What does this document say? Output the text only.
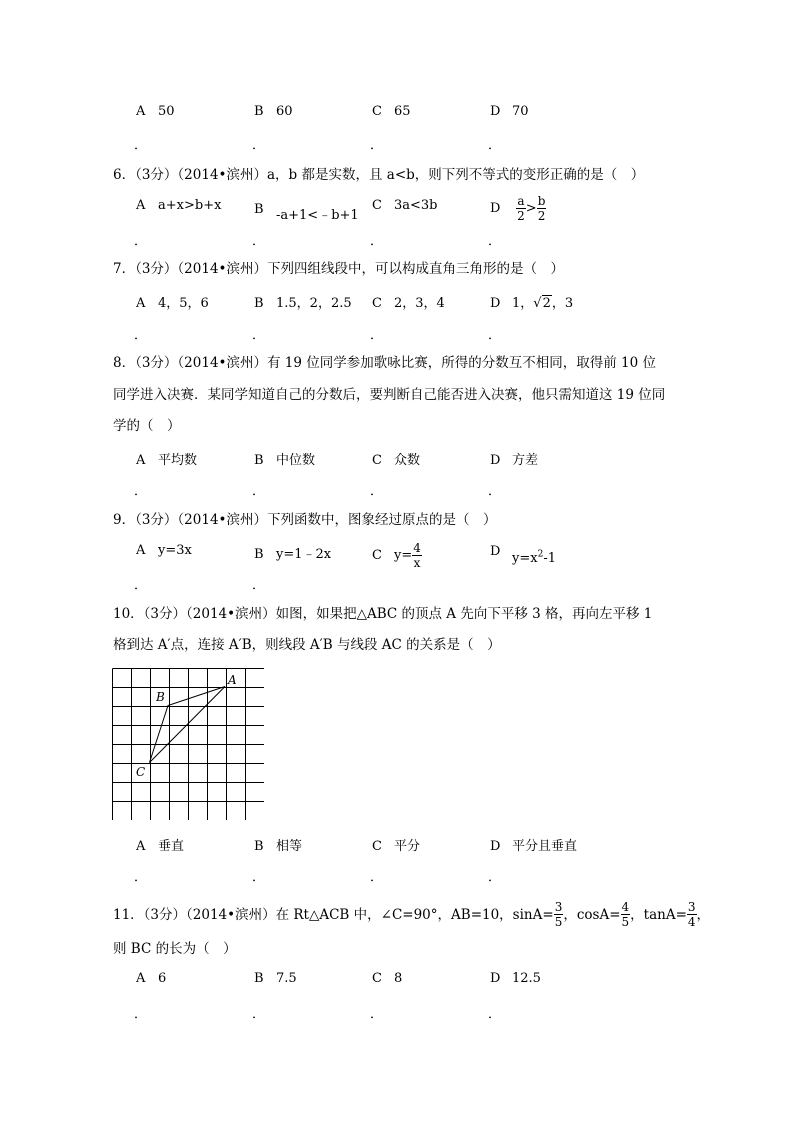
A 50	B 60	C 65	D 70
．	．	．	．
6．（3分）（2014•滨州）a，b 都是实数，且 a<b，则下列不等式的变形正确的是（　）
A a+x>b+x	B -a+1<﹣b+1
C 3a<3b	D $\frac{a}{2} > \frac{b}{2}$
．	．	．	．
7．（3分）（2014•滨州）下列四组线段中，可以构成直角三角形的是（　）
A 4，5，6	B 1.5，2，2.5 C 2，3，4	D 1，√2，3
．	．	．	．
8．（3分）（2014•滨州）有 19 位同学参加歌咏比赛，所得的分数互不相同，取得前 10 位
同学进入决赛．某同学知道自己的分数后，要判断自己能否进入决赛，他只需知道这 19 位同
学的（　）
A 平均数	B 中位数	C 众数	D 方差
．	．	．	．
9．（3分）（2014•滨州）下列函数中，图象经过原点的是（　）
A y=3x	B y=1﹣2x	C $y= \frac{4}{x}$	D $y=x^2-1$
．	．
10．（3分）（2014•滨州）如图，如果把△ABC 的顶点 A 先向下平移 3 格，再向左平移 1
格到达 A′点，连接 A′B，则线段 A′B 与线段 AC 的关系是（　）
A
B
C
A 垂直	B 相等	C 平分	D 平分且垂直
．	．	．	．
11．（3分）（2014•滨州）在 Rt△ACB 中，∠C=90°，AB=10，$\sin A= \frac{3}{5}$ ，$\cos A= \frac{4}{5}$ ，$\tan A= \frac{3}{4}$ ，
则 BC 的长为（　）
A 6	B 7.5	C 8	D 12.5
．	．	．	．
